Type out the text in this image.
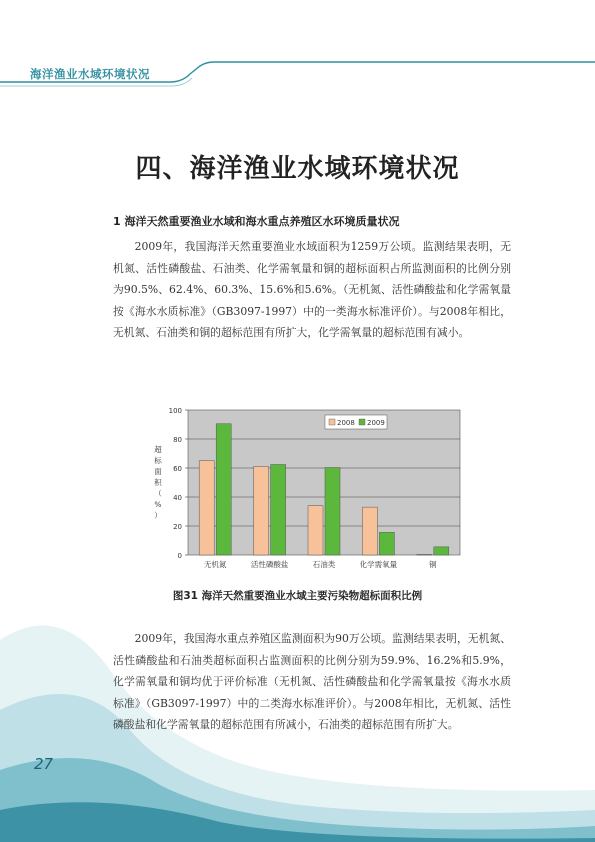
海洋渔业水域环境状况
四、海洋渔业水域环境状况
1 海洋天然重要渔业水域和海水重点养殖区水环境质量状况
2009年，我国海洋天然重要渔业水域面积为1259万公顷。监测结果表明，无机氮、活性磷酸盐、石油类、化学需氧量和铜的超标面积占所监测面积的比例分别为90.5%、62.4%、60.3%、15.6%和5.6%。（无机氮、活性磷酸盐和化学需氧量按《海水水质标准》（GB3097-1997）中的一类海水标准评价）。与2008年相比，无机氮、石油类和铜的超标范围有所扩大，化学需氧量的超标范围有减小。
0
20
40
60
80
100
超
标
面
积
（
%
）
无机氮	活性磷酸盐	石油类	化学需氧量	铜
2008 2009
图31 海洋天然重要渔业水域主要污染物超标面积比例
2009年，我国海水重点养殖区监测面积为90万公顷。监测结果表明，无机氮、活性磷酸盐和石油类超标面积占监测面积的比例分别为59.9%、16.2%和5.9%，化学需氧量和铜均优于评价标准（无机氮、活性磷酸盐和化学需氧量按《海水水质标准》（GB3097-1997）中的二类海水标准评价）。与2008年相比，无机氮、活性磷酸盐和化学需氧量的超标范围有所减小，石油类的超标范围有所扩大。
27
